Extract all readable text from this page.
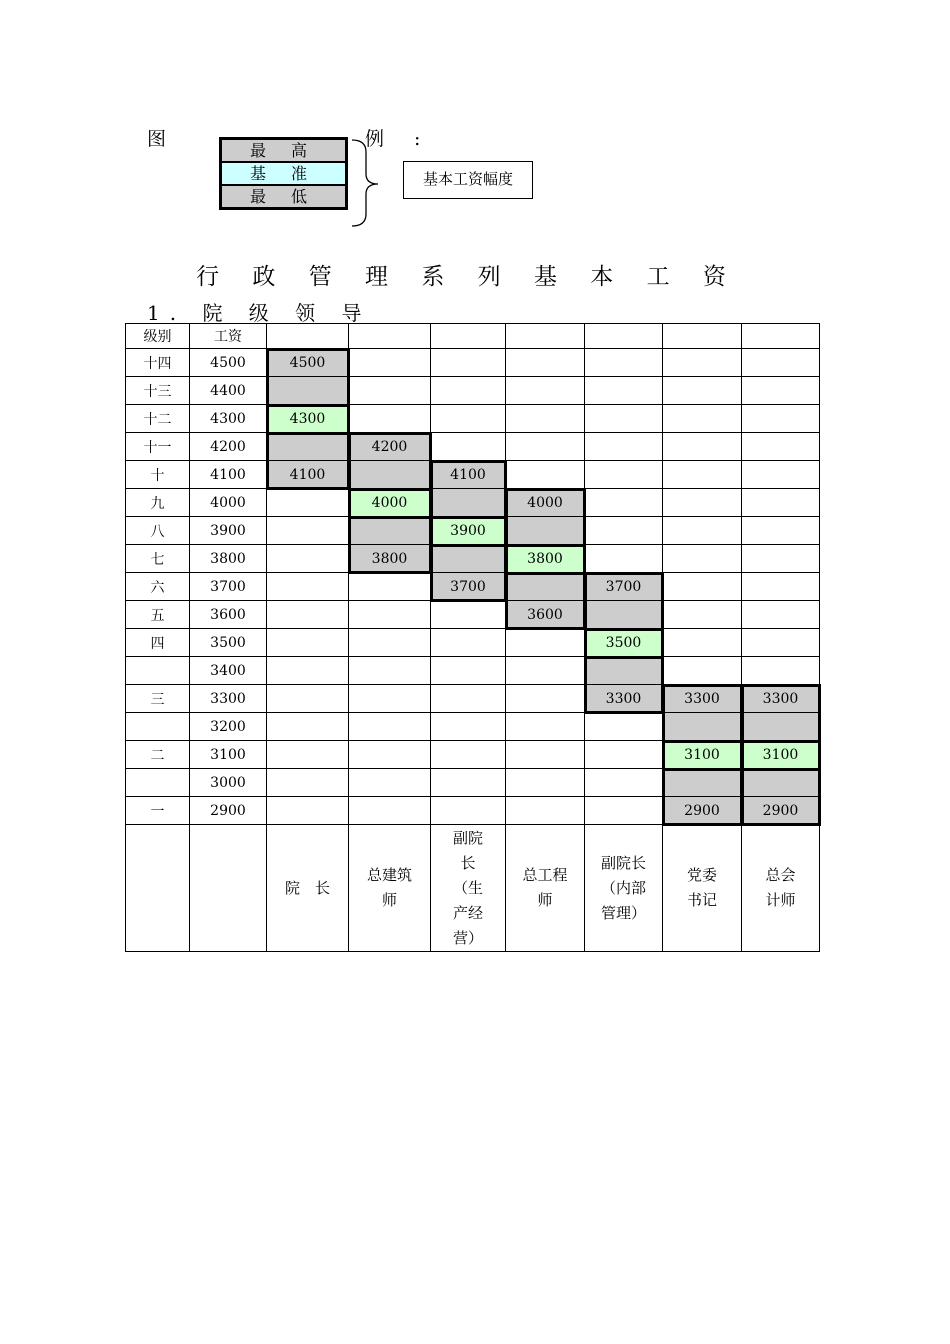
图	例 :
最 高
基 准
最 低
基本工资幅度
行 政 管 理 系 列 基 本 工 资
1. 院 级 领 导
级别	工资							
十四	4500	4500						
十三	4400							
十二	4300	4300						
十一	4200		4200					
十	4100	4100		4100				
九	4000		4000		4000			
八	3900			3900				
七	3800		3800		3800			
六	3700			3700		3700		
五	3600				3600			
四	3500					3500		
	3400							
三	3300					3300	3300	3300
	3200							
二	3100						3100	3100
	3000							
一	2900						2900	2900
		院　长	总建筑
师	副院
长
（生
产经
营）	总工程
师	副院长
（内部
管理）	党委
书记	总会
计师
